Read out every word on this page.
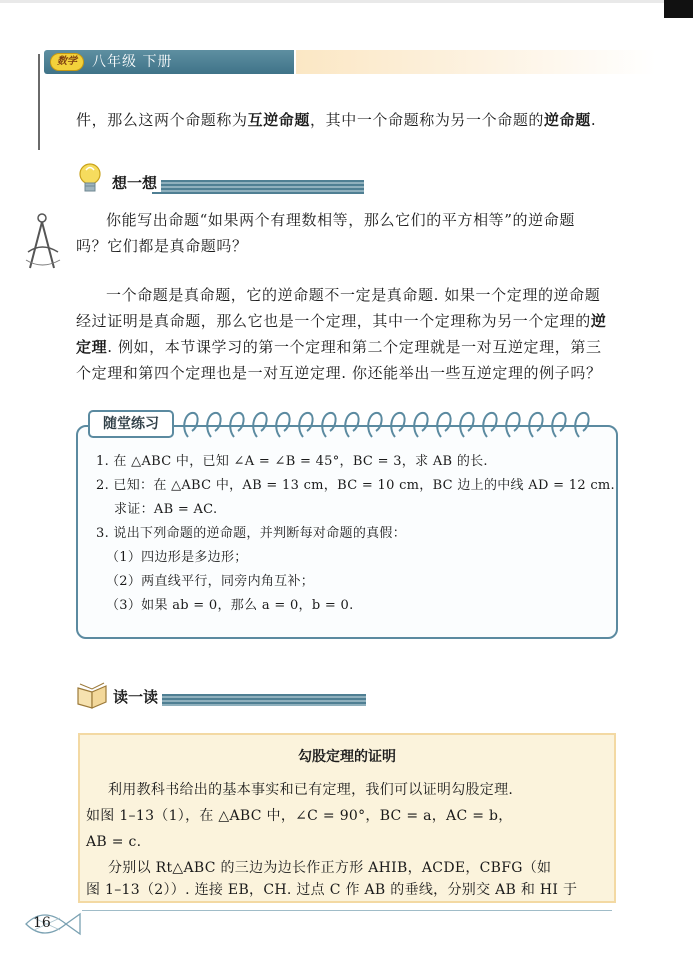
数学	八年级 下册
件，那么这两个命题称为互逆命题，其中一个命题称为另一个命题的逆命题.
想一想
你能写出命题“如果两个有理数相等，那么它们的平方相等”的逆命题
吗？它们都是真命题吗？
一个命题是真命题，它的逆命题不一定是真命题. 如果一个定理的逆命题
经过证明是真命题，那么它也是一个定理，其中一个定理称为另一个定理的逆
定理. 例如，本节课学习的第一个定理和第二个定理就是一对互逆定理，第三
个定理和第四个定理也是一对互逆定理. 你还能举出一些互逆定理的例子吗？
随堂练习
1. 在 △ABC 中，已知 ∠A = ∠B = 45°，BC = 3，求 AB 的长.
2. 已知：在 △ABC 中，AB = 13 cm，BC = 10 cm，BC 边上的中线 AD = 12 cm.
求证：AB = AC.
3. 说出下列命题的逆命题，并判断每对命题的真假：
（1）四边形是多边形；
（2）两直线平行，同旁内角互补；
（3）如果 ab = 0，那么 a = 0，b = 0.
读一读
勾股定理的证明
利用教科书给出的基本事实和已有定理，我们可以证明勾股定理.
如图 1–13（1），在 △ABC 中，∠C = 90°，BC = a，AC = b，
AB = c.
分别以 Rt△ABC 的三边为边长作正方形 AHIB，ACDE，CBFG（如
图 1–13（2））. 连接 EB，CH. 过点 C 作 AB 的垂线，分别交 AB 和 HI 于
16
